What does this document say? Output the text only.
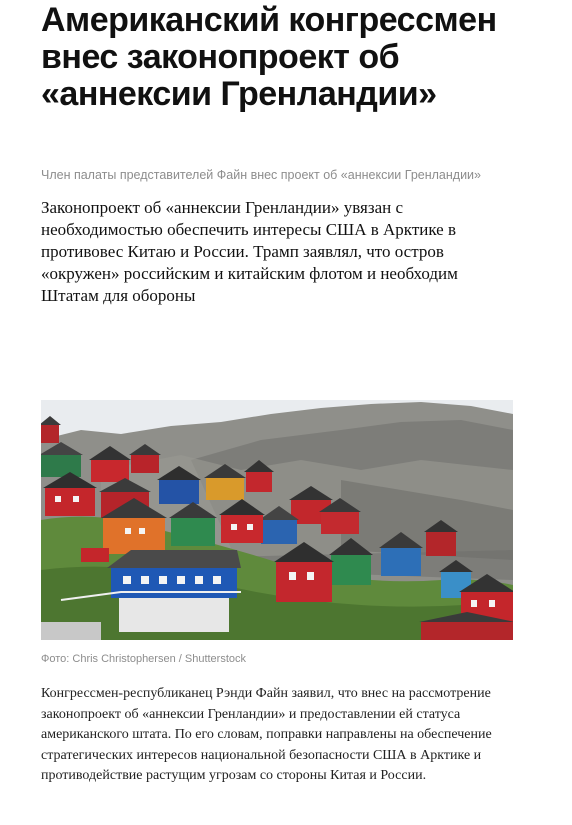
Американский конгрессмен внес законопроект об «аннексии Гренландии»
Член палаты представителей Файн внес проект об «аннексии Гренландии»
Законопроект об «аннексии Гренландии» увязан с необходимостью обеспечить интересы США в Арктике в противовес Китаю и России. Трамп заявлял, что остров «окружен» российским и китайским флотом и необходим Штатам для обороны
Фото: Chris Christophersen / Shutterstock
Конгрессмен-республиканец Рэнди Файн заявил, что внес на рассмотрение законопроект об «аннексии Гренландии» и предоставлении ей статуса американского штата. По его словам, поправки направлены на обеспечение стратегических интересов национальной безопасности США в Арктике и противодействие растущим угрозам со стороны Китая и России.
